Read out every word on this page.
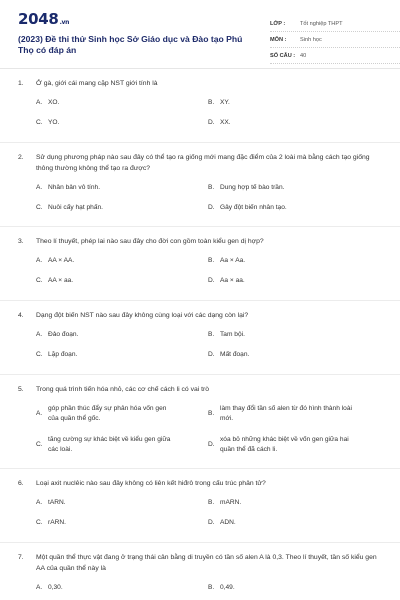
2048.vn
(2023) Đề thi thử Sinh học Sở Giáo dục và Đào tạo Phú Thọ có đáp án
LỚP :	Tốt nghiệp THPT
MÔN :	Sinh học
SỐ CÂU : 40
1.	Ở gà, giới cái mang cặp NST giới tính là
A. XO.	B. XY.
C. YO.	D. XX.
2.	Sử dụng phương pháp nào sau đây có thể tạo ra giống mới mang đặc điểm của 2 loài mà bằng cách tạo giống thông thường không thể tạo ra được?
A. Nhân bản vô tính.	B. Dung hợp tế bào trần.
C. Nuôi cấy hạt phấn.	D. Gây đột biến nhân tạo.
3.	Theo lí thuyết, phép lai nào sau đây cho đời con gồm toàn kiểu gen dị hợp?
A. AA × AA.	B. Aa × Aa.
C. AA × aa.	D. Aa × aa.
4.	Dạng đột biến NST nào sau đây không cùng loại với các dạng còn lại?
A. Đảo đoạn.	B. Tam bội.
C. Lặp đoạn.	D. Mất đoạn.
5.	Trong quá trình tiến hóa nhỏ, các cơ chế cách li có vai trò
A.
góp phần thúc đẩy sự phân hóa vốn gen của quần thể gốc.
B.
làm thay đổi tần số alen từ đó hình thành loài mới.
C.
tăng cường sự khác biệt về kiểu gen giữa các loài.
D.
xóa bỏ những khác biệt về vốn gen giữa hai quần thể đã cách li.
6.	Loại axit nuclêic nào sau đây không có liên kết hiđrô trong cấu trúc phân tử?
A. tARN.	B. mARN.
C. rARN.	D. ADN.
7.	Một quần thể thực vật đang ở trạng thái cân bằng di truyền có tần số alen A là 0,3. Theo lí thuyết, tần số kiểu gen AA của quần thể này là
A. 0,30.	B. 0,49.
